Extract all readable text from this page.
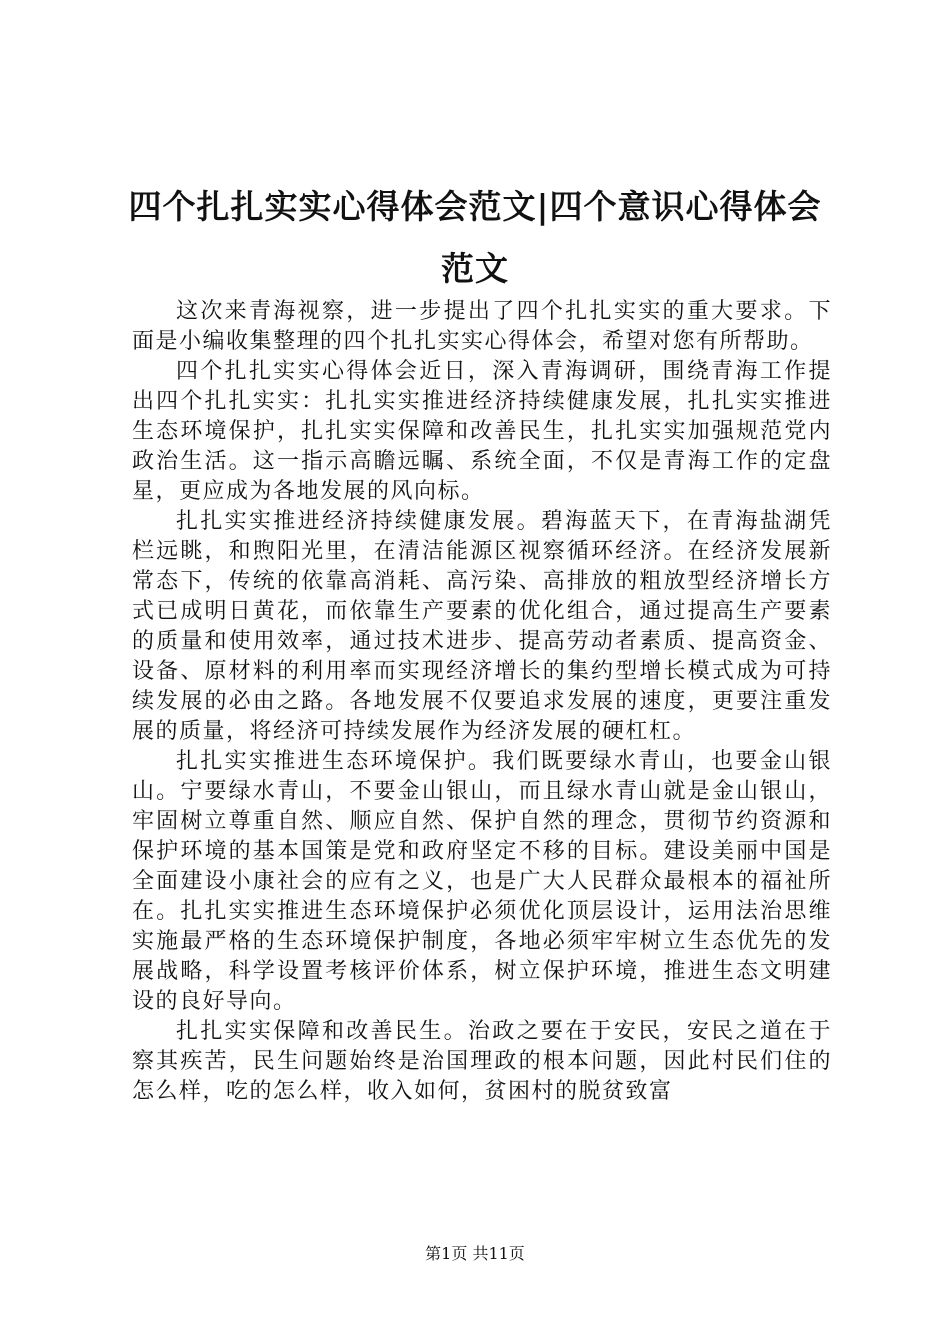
四个扎扎实实心得体会范文|四个意识心得体会范文

这次来青海视察，进一步提出了四个扎扎实实的重大要求。下面是小编收集整理的四个扎扎实实心得体会，希望对您有所帮助。

四个扎扎实实心得体会近日，深入青海调研，围绕青海工作提出四个扎扎实实：扎扎实实推进经济持续健康发展，扎扎实实推进生态环境保护，扎扎实实保障和改善民生，扎扎实实加强规范党内政治生活。这一指示高瞻远瞩、系统全面，不仅是青海工作的定盘星，更应成为各地发展的风向标。

扎扎实实推进经济持续健康发展。碧海蓝天下，在青海盐湖凭栏远眺，和煦阳光里，在清洁能源区视察循环经济。在经济发展新常态下，传统的依靠高消耗、高污染、高排放的粗放型经济增长方式已成明日黄花，而依靠生产要素的优化组合，通过提高生产要素的质量和使用效率，通过技术进步、提高劳动者素质、提高资金、设备、原材料的利用率而实现经济增长的集约型增长模式成为可持续发展的必由之路。各地发展不仅要追求发展的速度，更要注重发展的质量，将经济可持续发展作为经济发展的硬杠杠。

扎扎实实推进生态环境保护。我们既要绿水青山，也要金山银山。宁要绿水青山，不要金山银山，而且绿水青山就是金山银山，牢固树立尊重自然、顺应自然、保护自然的理念，贯彻节约资源和保护环境的基本国策是党和政府坚定不移的目标。建设美丽中国是全面建设小康社会的应有之义，也是广大人民群众最根本的福祉所在。扎扎实实推进生态环境保护必须优化顶层设计，运用法治思维实施最严格的生态环境保护制度，各地必须牢牢树立生态优先的发展战略，科学设置考核评价体系，树立保护环境，推进生态文明建设的良好导向。

扎扎实实保障和改善民生。治政之要在于安民，安民之道在于察其疾苦，民生问题始终是治国理政的根本问题，因此村民们住的怎么样，吃的怎么样，收入如何，贫困村的脱贫致富

第1页 共11页
